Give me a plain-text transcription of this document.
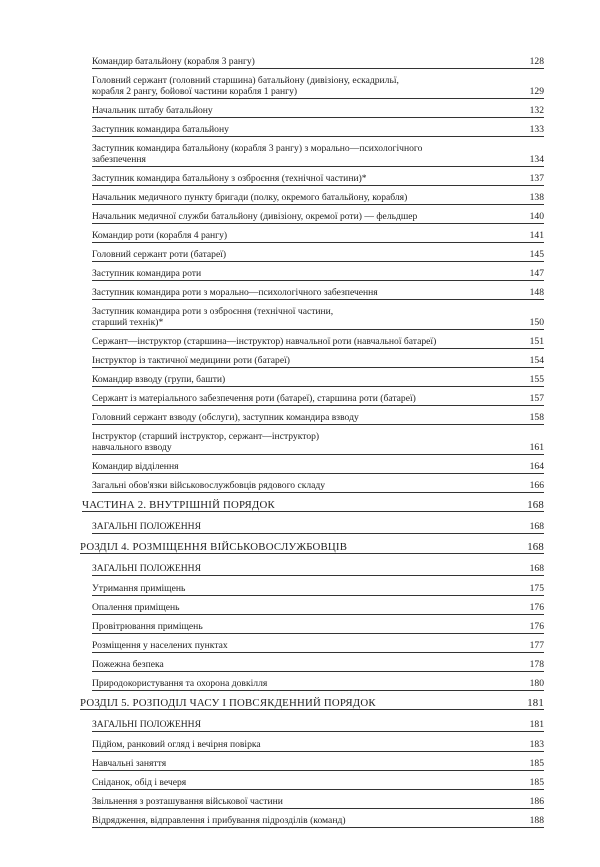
Командир батальйону (корабля 3 рангу)	128
Головний сержант (головний старшина) батальйону (дивізіону, ескадрильї,
корабля 2 рангу, бойової частини корабля 1 рангу)	129
Начальник штабу батальйону	132
Заступник командира батальйону	133
Заступник командира батальйону (корабля 3 рангу) з морально—психологічного
забезпечення	134
Заступник командира батальйону з озброєння (технічної частини)*	137
Начальник медичного пункту бригади (полку, окремого батальйону, корабля)	138
Начальник медичної служби батальйону (дивізіону, окремої роти) — фельдшер	140
Командир роти (корабля 4 рангу)	141
Головний сержант роти (батареї)	145
Заступник командира роти	147
Заступник командира роти з морально—психологічного забезпечення	148
Заступник командира роти з озброєння (технічної частини,
старший технік)*	150
Сержант—інструктор (старшина—інструктор) навчальної роти (навчальної батареї)	151
Інструктор із тактичної медицини роти (батареї)	154
Командир взводу (групи, башти)	155
Сержант із матеріального забезпечення роти (батареї), старшина роти (батареї)	157
Головний сержант взводу (обслуги), заступник командира взводу	158
Інструктор (старший інструктор, сержант—інструктор)
навчального взводу	161
Командир відділення	164
Загальні обов'язки військовослужбовців рядового складу	166
ЧАСТИНА 2. ВНУТРІШНІЙ ПОРЯДОК	168
ЗАГАЛЬНІ ПОЛОЖЕННЯ	168
РОЗДІЛ 4. РОЗМІЩЕННЯ ВІЙСЬКОВОСЛУЖБОВЦІВ	168
ЗАГАЛЬНІ ПОЛОЖЕННЯ	168
Утримання приміщень	175
Опалення приміщень	176
Провітрювання приміщень	176
Розміщення у населених пунктах	177
Пожежна безпека	178
Природокористування та охорона довкілля	180
РОЗДІЛ 5. РОЗПОДІЛ ЧАСУ І ПОВСЯКДЕННИЙ ПОРЯДОК	181
ЗАГАЛЬНІ ПОЛОЖЕННЯ	181
Підйом, ранковий огляд і вечірня повірка	183
Навчальні заняття	185
Сніданок, обід і вечеря	185
Звільнення з розташування військової частини	186
Відрядження, відправлення і прибування підрозділів (команд)	188
